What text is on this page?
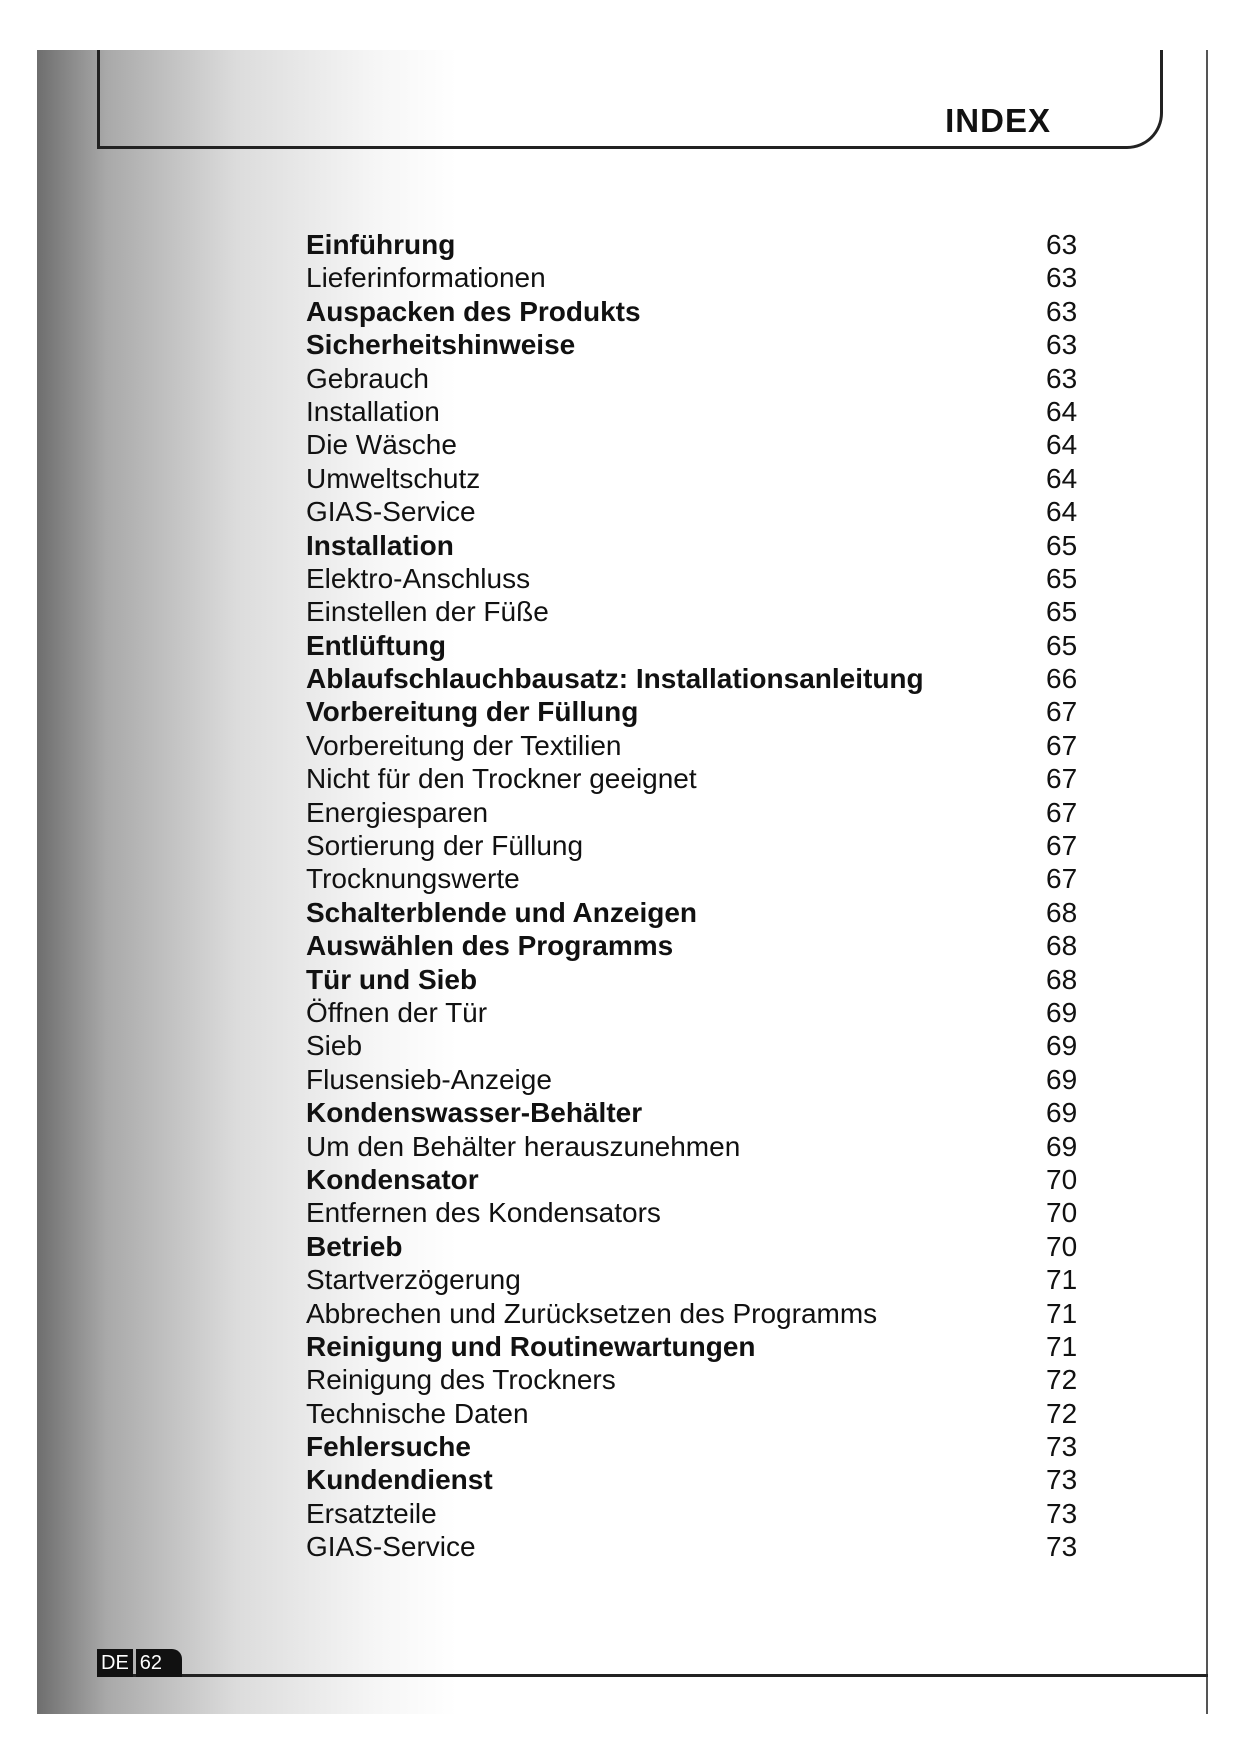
INDEX
Einführung	63
Lieferinformationen	63
Auspacken des Produkts	63
Sicherheitshinweise	63
Gebrauch	63
Installation	64
Die Wäsche	64
Umweltschutz	64
GIAS-Service	64
Installation	65
Elektro-Anschluss	65
Einstellen der Füße	65
Entlüftung	65
Ablaufschlauchbausatz: Installationsanleitung	66
Vorbereitung der Füllung	67
Vorbereitung der Textilien	67
Nicht für den Trockner geeignet	67
Energiesparen	67
Sortierung der Füllung	67
Trocknungswerte	67
Schalterblende und Anzeigen	68
Auswählen des Programms	68
Tür und Sieb	68
Öffnen der Tür	69
Sieb	69
Flusensieb-Anzeige	69
Kondenswasser-Behälter	69
Um den Behälter herauszunehmen	69
Kondensator	70
Entfernen des Kondensators	70
Betrieb	70
Startverzögerung	71
Abbrechen und Zurücksetzen des Programms	71
Reinigung und Routinewartungen	71
Reinigung des Trockners	72
Technische Daten	72
Fehlersuche	73
Kundendienst	73
Ersatzteile	73
GIAS-Service	73
DE 62
